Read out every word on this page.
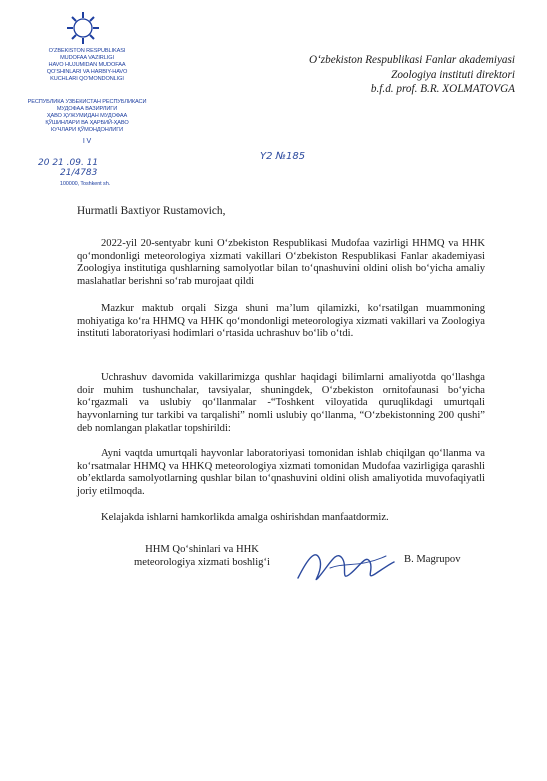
O‘ZBEKISTON RESPUBLIKASI
MUDOFAA VAZIRLIGI
HAVO HUJUMIDAN MUDOFAA
QO‘SHINLARI VA HARBIY-HAVO
KUCHLARI QO‘MONDONLIGI
РЕСПУБЛИКА УЗБЕКИСТАН РЕСПУБЛИКАСИ
МУДОФАА ВАЗИРЛИГИ
ҲАВО ҲУЖУМИДАН МУДОФАА
ҚЎШИНЛАРИ ВА ҲАРБИЙ-ҲАВО
КУЧЛАРИ ҚЎМОНДОНЛИГИ
I V
20 21 .09. 11
21/4783
100000, Toshkent sh.
Y2 №185
O‘zbekiston Respublikasi Fanlar akademiyasi
Zoologiya instituti direktori
b.f.d. prof. B.R. XOLMATOVGA
Hurmatli Baxtiyor Rustamovich,
2022-yil 20-sentyabr kuni O‘zbekiston Respublikasi Mudofaa vazirligi HHMQ va HHK qo‘mondonligi meteorologiya xizmati vakillari O‘zbekiston Respublikasi Fanlar akademiyasi Zoologiya institutiga qushlarning samolyotlar bilan to‘qnashuvini oldini olish bo‘yicha amaliy maslahatlar berishni so‘rab murojaat qildi
Mazkur maktub orqali Sizga shuni ma’lum qilamizki, ko‘rsatilgan muammoning mohiyatiga ko‘ra HHMQ va HHK qo‘mondonligi meteorologiya xizmati vakillari va Zoologiya instituti laboratoriyasi hodimlari o‘rtasida uchrashuv bo‘lib o‘tdi.
Uchrashuv davomida vakillarimizga qushlar haqidagi bilimlarni amaliyotda qo‘llashga doir muhim tushunchalar, tavsiyalar, shuningdek, O‘zbekiston ornitofaunasi bo‘yicha ko‘rgazmali va uslubiy qo‘llanmalar -“Toshkent viloyatida quruqlikdagi umurtqali hayvonlarning tur tarkibi va tarqalishi” nomli uslubiy qo‘llanma, “O‘zbekistonning 200 qushi” deb nomlangan plakatlar topshirildi:
Ayni vaqtda umurtqali hayvonlar laboratoriyasi tomonidan ishlab chiqilgan qo‘llanma va ko‘rsatmalar HHMQ va HHKQ meteorologiya xizmati tomonidan Mudofaa vazirligiga qarashli ob’ektlarda samolyotlarning qushlar bilan to‘qnashuvini oldini olish amaliyotida muvofaqiyatli joriy etilmoqda.
Kelajakda ishlarni hamkorlikda amalga oshirishdan manfaatdormiz.
HHM Qo‘shinlari va HHK
meteorologiya xizmati boshlig‘i	B. Magrupov
